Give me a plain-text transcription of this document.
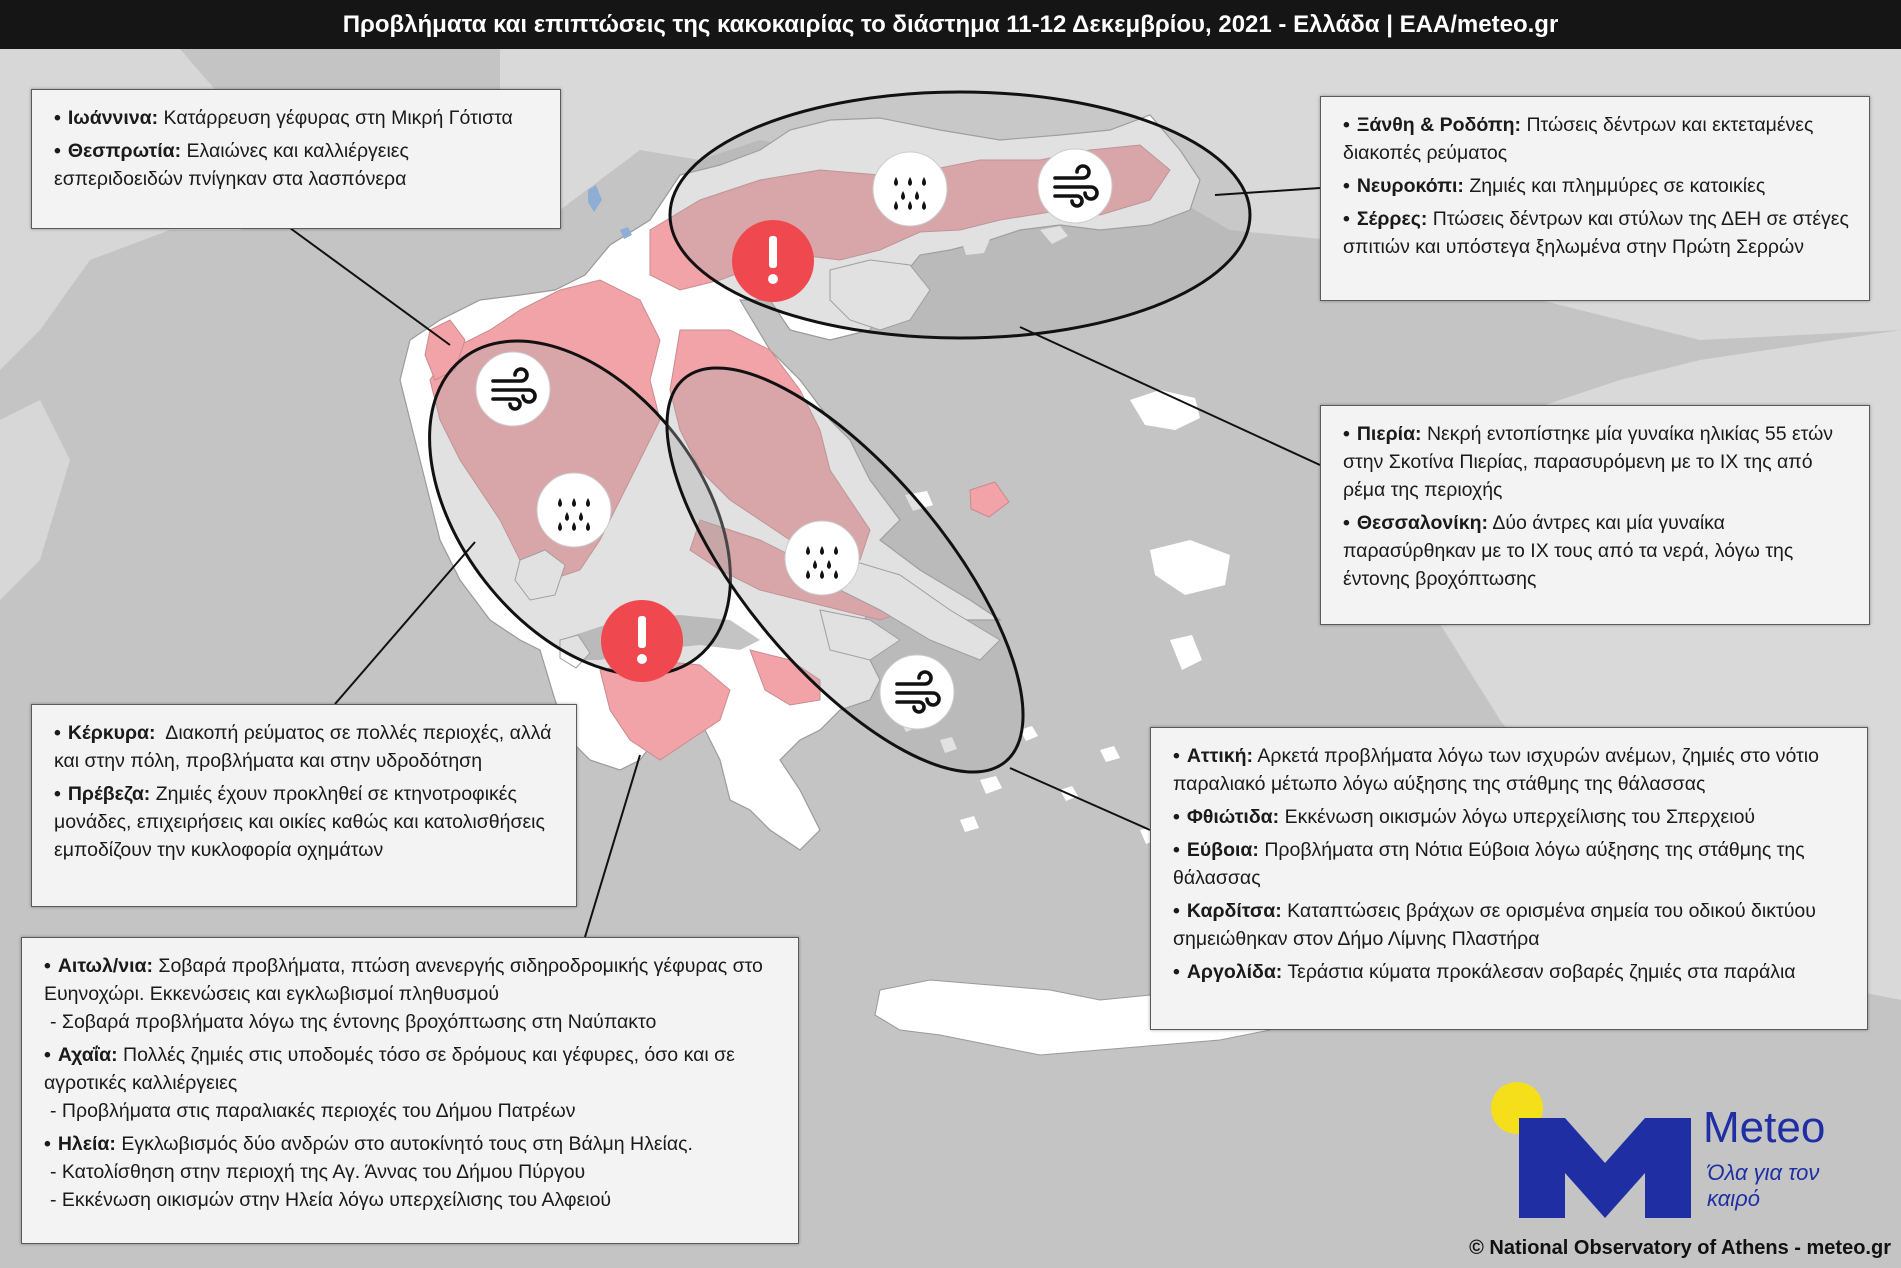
Προβλήματα και επιπτώσεις της κακοκαιρίας το διάστημα 11-12 Δεκεμβρίου, 2021 - Ελλάδα | ΕΑΑ/meteo.gr
• Ιωάννινα: Κατάρρευση γέφυρας στη Μικρή Γότιστα
• Θεσπρωτία: Ελαιώνες και καλλιέργειες εσπεριδοειδών πνίγηκαν στα λασπόνερα
• Ξάνθη & Ροδόπη: Πτώσεις δέντρων και εκτεταμένες διακοπές ρεύματος
• Νευροκόπι: Ζημιές και πλημμύρες σε κατοικίες
• Σέρρες: Πτώσεις δέντρων και στύλων της ΔΕΗ σε στέγες σπιτιών και υπόστεγα ξηλωμένα στην Πρώτη Σερρών
• Πιερία: Νεκρή εντοπίστηκε μία γυναίκα ηλικίας 55 ετών στην Σκοτίνα Πιερίας, παρασυρόμενη με το ΙΧ της από ρέμα της περιοχής
• Θεσσαλονίκη: Δύο άντρες και μία γυναίκα παρασύρθηκαν με το ΙΧ τους από τα νερά, λόγω της έντονης βροχόπτωσης
• Κέρκυρα:  Διακοπή ρεύματος σε πολλές περιοχές, αλλά και στην πόλη, προβλήματα και στην υδροδότηση
• Πρέβεζα: Ζημιές έχουν προκληθεί σε κτηνοτροφικές μονάδες, επιχειρήσεις και οικίες καθώς και κατολισθήσεις εμποδίζουν την κυκλοφορία οχημάτων
• Αττική: Αρκετά προβλήματα λόγω των ισχυρών ανέμων, ζημιές στο νότιο παραλιακό μέτωπο λόγω αύξησης της στάθμης της θάλασσας
• Φθιώτιδα: Εκκένωση οικισμών λόγω υπερχείλισης του Σπερχειού
• Εύβοια: Προβλήματα στη Νότια Εύβοια λόγω αύξησης της στάθμης της θάλασσας
• Καρδίτσα: Καταπτώσεις βράχων σε ορισμένα σημεία του οδικού δικτύου σημειώθηκαν στον Δήμο Λίμνης Πλαστήρα
• Αργολίδα: Τεράστια κύματα προκάλεσαν σοβαρές ζημιές στα παράλια
• Αιτωλ/νια: Σοβαρά προβλήματα, πτώση ανενεργής σιδηροδρομικής γέφυρας στο Ευηνοχώρι. Εκκενώσεις και εγκλωβισμοί πληθυσμού
- Σοβαρά προβλήματα λόγω της έντονης βροχόπτωσης στη Ναύπακτο
• Αχαΐα: Πολλές ζημιές στις υποδομές τόσο σε δρόμους και γέφυρες, όσο και σε αγροτικές καλλιέργειες
- Προβλήματα στις παραλιακές περιοχές του Δήμου Πατρέων
• Ηλεία: Εγκλωβισμός δύο ανδρών στο αυτοκίνητό τους στη Βάλμη Ηλείας.
- Κατολίσθηση στην περιοχή της Αγ. Άννας του Δήμου Πύργου
- Εκκένωση οικισμών στην Ηλεία λόγω υπερχείλισης του Αλφειού
Meteo
Όλα για τον καιρό
© National Observatory of Athens - meteo.gr
